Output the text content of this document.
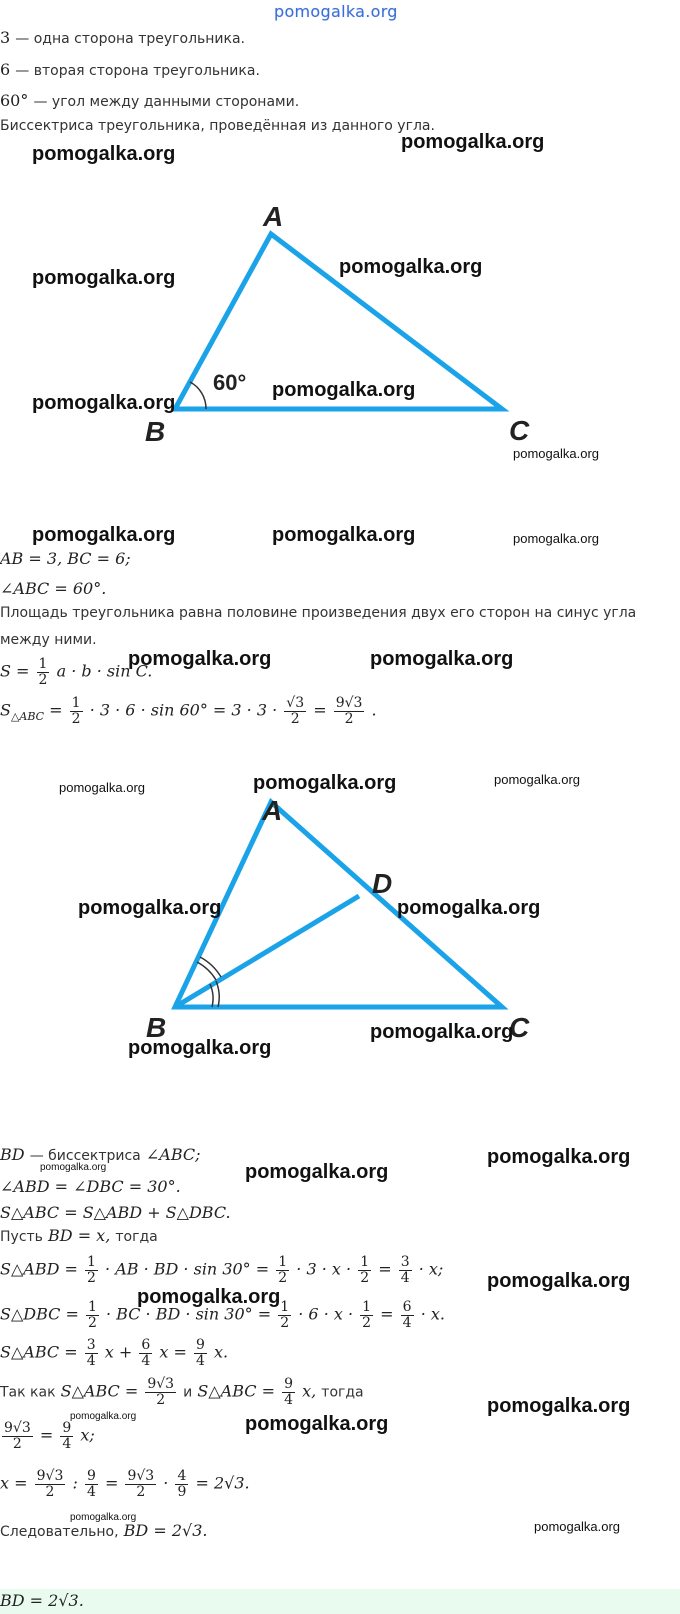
pomogalka.org
3 — одна сторона треугольника.
6 — вторая сторона треугольника.
60° — угол между данными сторонами.
Биссектриса треугольника, проведённая из данного угла.
A
B	C
60°
AB = 3, BC = 6;
∠ABC = 60°.
Площадь треугольника равна половине произведения двух его сторон на синус угла
между ними.
$S = \frac{1}{2}$ a · b · sin C.
$S_{\triangle ABC} = \frac{1}{2} \cdot 3 \cdot 6 \cdot \sin 60^\circ = 3 \cdot 3 \cdot \frac{√3}{2} = \frac{9√3}{2}$ .
A
B	C
D
BD — биссектриса ∠ABC;
∠ABD = ∠DBC = 30°.
S△ABC = S△ABD + S△DBC.
Пусть BD = x, тогда
S△ABD = $\frac{1}{2}$ · AB · BD · $\sin 30^\circ = \frac{1}{2} \cdot 3 \cdot x \cdot \frac{1}{2} = \frac{3}{4} \cdot x$;
S△DBC = $\frac{1}{2}$ · BC · BD · $\sin 30^\circ = \frac{1}{2} \cdot 6 \cdot x \cdot \frac{1}{2} = \frac{6}{4} \cdot x$.
S△ABC = $\frac{3}{4}$ $x + \frac{6}{4}$ $x = \frac{9}{4} x$.
Так как S△ABC = $\frac{9√3}{2}$ и S△ABC = $\frac{9}{4} x$, тогда
$\frac{9√3}{2} = \frac{9}{4} x$;
$x = \frac{9√3}{2}$ : $\frac{9}{4} = \frac{9√3}{2} \cdot \frac{4}{9} = 2√3$.
Следовательно, BD = 2√3.
BD = 2√3.
pomogalka.org
pomogalka.org
pomogalka.org	pomogalka.org
pomogalka.org
pomogalka.org
pomogalka.org
pomogalka.org	pomogalka.org	pomogalka.org
pomogalka.org	pomogalka.org
pomogalka.org	pomogalka.org	pomogalka.org
pomogalka.org	pomogalka.org
pomogalka.org
pomogalka.org
pomogalka.org	pomogalka.org
pomogalka.org
pomogalka.org
pomogalka.org
pomogalka.org
pomogalka.org	pomogalka.org
pomogalka.org
pomogalka.org
